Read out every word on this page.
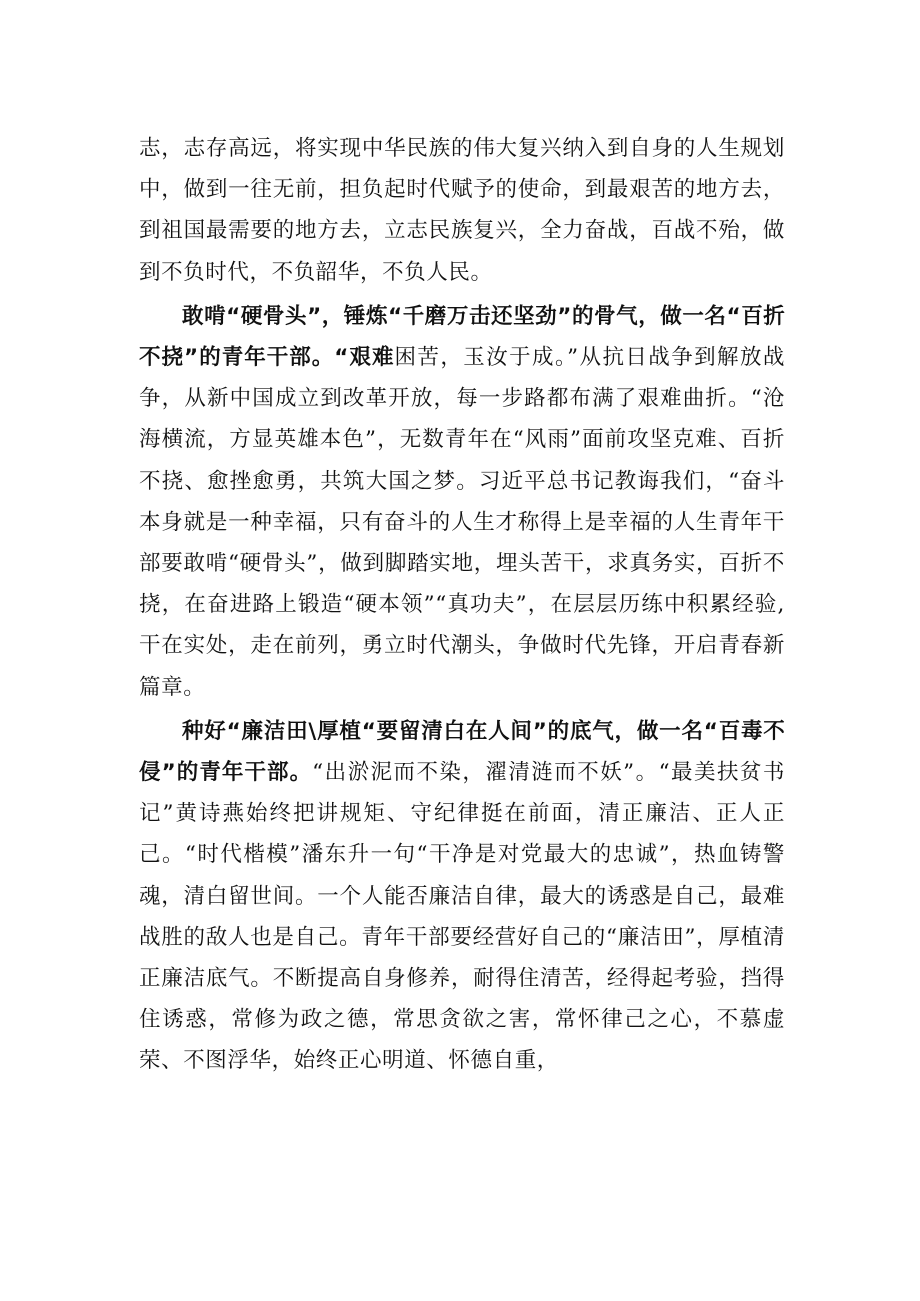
志，志存高远，将实现中华民族的伟大复兴纳入到自身的人生规划中，做到一往无前，担负起时代赋予的使命，到最艰苦的地方去，到祖国最需要的地方去，立志民族复兴，全力奋战，百战不殆，做到不负时代，不负韶华，不负人民。

敢啃“硬骨头”，锤炼“千磨万击还坚劲”的骨气，做一名“百折不挠”的青年干部。“艰难困苦，玉汝于成。”从抗日战争到解放战争，从新中国成立到改革开放，每一步路都布满了艰难曲折。“沧海横流，方显英雄本色”，无数青年在“风雨”面前攻坚克难、百折不挠、愈挫愈勇，共筑大国之梦。习近平总书记教诲我们，“奋斗本身就是一种幸福，只有奋斗的人生才称得上是幸福的人生青年干部要敢啃“硬骨头”，做到脚踏实地，埋头苦干，求真务实，百折不挠，在奋进路上锻造“硬本领”“真功夫”，在层层历练中积累经验,干在实处，走在前列，勇立时代潮头，争做时代先锋，开启青春新篇章。

种好“廉洁田\厚植“要留清白在人间”的底气，做一名“百毒不侵”的青年干部。“出淤泥而不染，濯清涟而不妖”。“最美扶贫书记”黄诗燕始终把讲规矩、守纪律挺在前面，清正廉洁、正人正己。“时代楷模”潘东升一句“干净是对党最大的忠诚”，热血铸警魂，清白留世间。一个人能否廉洁自律，最大的诱惑是自己，最难战胜的敌人也是自己。青年干部要经营好自己的“廉洁田”，厚植清正廉洁底气。不断提高自身修养，耐得住清苦，经得起考验，挡得住诱惑，常修为政之德，常思贪欲之害，常怀律己之心，不慕虚荣、不图浮华，始终正心明道、怀德自重，
